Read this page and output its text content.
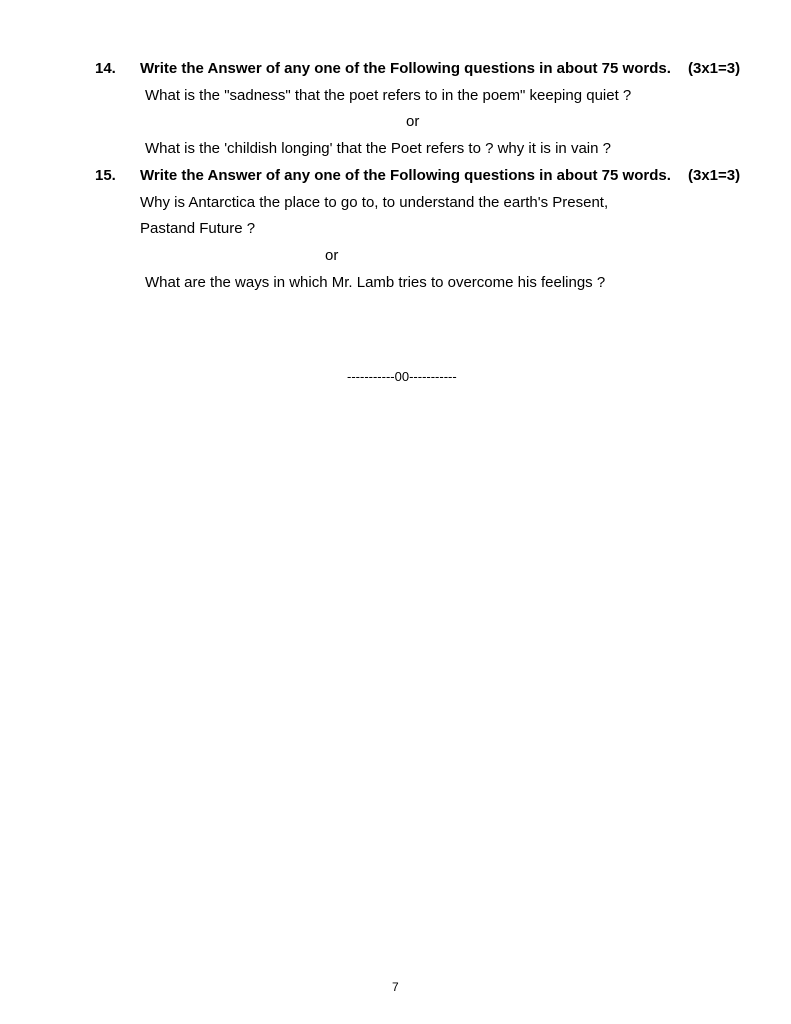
14. Write the Answer of any one of the Following questions in about 75 words. (3x1=3)
What is the "sadness" that the poet refers to in the poem" keeping quiet ?
or
What is the 'childish longing' that the Poet refers to ? why it is in vain ?
15. Write the Answer of any one of the Following questions in about 75 words. (3x1=3)
Why is Antarctica the place to go to, to understand the earth's Present,
Pastand Future ?
or
What are the ways in which Mr. Lamb tries to overcome his feelings ?
-----------00-----------
7
